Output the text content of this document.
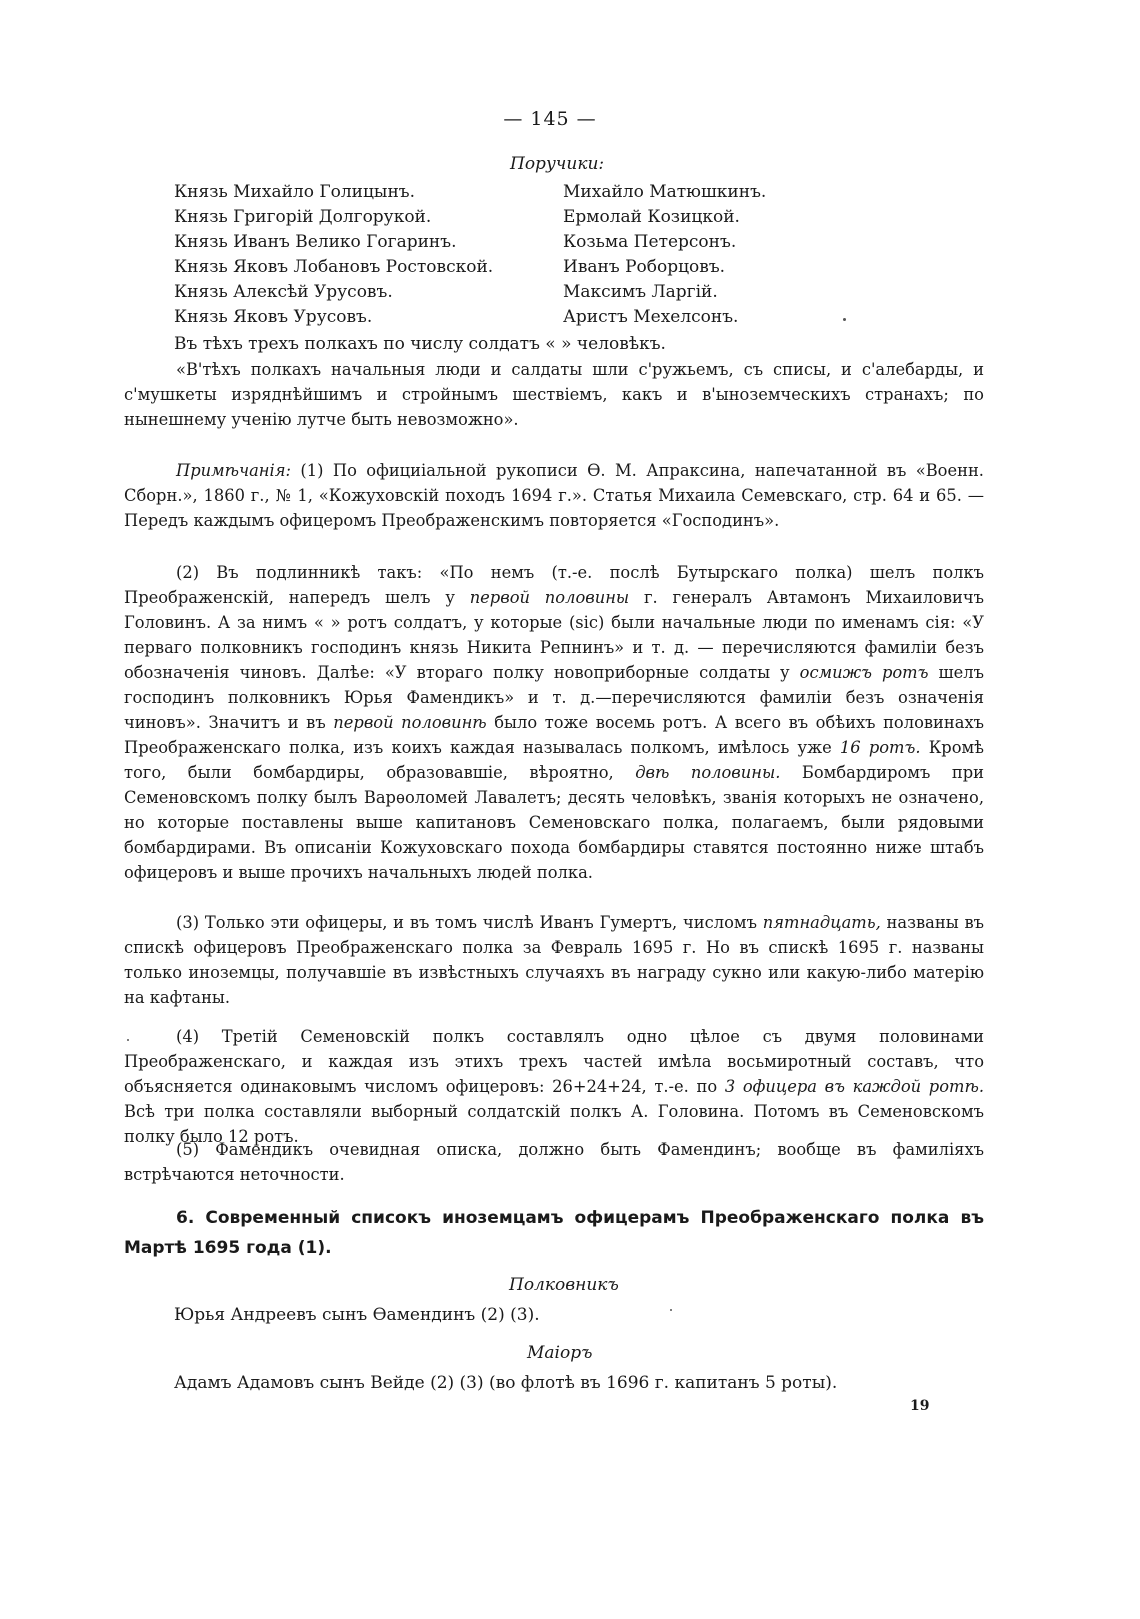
— 145 —
Поручики:
Князь Михайло Голицынъ.
Князь Григорій Долгорукой.
Князь Иванъ Велико Гогаринъ.
Князь Яковъ Лобановъ Ростовской.
Князь Алексѣй Урусовъ.
Князь Яковъ Урусовъ.
Михайло Матюшкинъ.
Ермолай Козицкой.
Козьма Петерсонъ.
Иванъ Роборцовъ.
Максимъ Ларгій.
Аристъ Мехелсонъ.
Въ тѣхъ трехъ полкахъ по числу солдатъ « » человѣкъ.
«В'тѣхъ полкахъ начальныя люди и салдаты шли с'ружьемъ, съ списы, и с'алебарды, и с'мушкеты изряднѣйшимъ и стройнымъ шествіемъ, какъ и в'ыноземческихъ странахъ; по нынешнему ученію лутче быть невозможно».
Примѣчанія: (1) По официіальной рукописи Ѳ. М. Апраксина, напечатанной въ «Военн. Сборн.», 1860 г., № 1, «Кожуховскій походъ 1694 г.». Статья Михаила Семевскаго, стр. 64 и 65. — Передъ каждымъ офицеромъ Преображенскимъ повторяется «Господинъ».
(2) Въ подлинникѣ такъ: «По немъ (т.-е. послѣ Бутырскаго полка) шелъ полкъ Преображенскій, напередъ шелъ у первой половины г. генералъ Автамонъ Михаиловичъ Головинъ. А за нимъ « » ротъ солдатъ, у которые (sic) были начальные люди по именамъ сія: «У перваго полковникъ господинъ князь Никита Репнинъ» и т. д. — перечисляются фамиліи безъ обозначенія чиновъ. Далѣе: «У втораго полку новоприборные солдаты у осмижъ ротъ шелъ господинъ полковникъ Юрья Фамендикъ» и т. д.—перечисляются фамиліи безъ означенія чиновъ». Значитъ и въ первой половинѣ было тоже восемь ротъ. А всего въ обѣихъ половинахъ Преображенскаго полка, изъ коихъ каждая называлась полкомъ, имѣлось уже 16 ротъ. Кромѣ того, были бомбардиры, образовавшіе, вѣроятно, двѣ половины. Бомбардиромъ при Семеновскомъ полку былъ Варѳоломей Лавалетъ; десять человѣкъ, званія которыхъ не означено, но которые поставлены выше капитановъ Семеновскаго полка, полагаемъ, были рядовыми бомбардирами. Въ описаніи Кожуховскаго похода бомбардиры ставятся постоянно ниже штабъ офицеровъ и выше прочихъ начальныхъ людей полка.
(3) Только эти офицеры, и въ томъ числѣ Иванъ Гумертъ, числомъ пятнадцать, названы въ спискѣ офицеровъ Преображенскаго полка за Февраль 1695 г. Но въ спискѣ 1695 г. названы только иноземцы, получавшіе въ извѣстныхъ случаяхъ въ награду сукно или какую-либо матерію на кафтаны.
(4) Третій Семеновскій полкъ составлялъ одно цѣлое съ двумя половинами Преображенскаго, и каждая изъ этихъ трехъ частей имѣла восьмиротный составъ, что объясняется одинаковымъ числомъ офицеровъ: 26+24+24, т.-е. по 3 офицера въ каждой ротѣ. Всѣ три полка составляли выборный солдатскій полкъ А. Головина. Потомъ въ Семеновскомъ полку было 12 ротъ.
(5) Фамендикъ очевидная описка, должно быть Фамендинъ; вообще въ фамиліяхъ встрѣчаются неточности.
6. Современный списокъ иноземцамъ офицерамъ Преображенскаго полка въ Мартѣ 1695 года (1).
Полковникъ
Юрья Андреевъ сынъ Ѳамендинъ (2) (3).
Маіоръ
Адамъ Адамовъ сынъ Вейде (2) (3) (во флотѣ въ 1696 г. капитанъ 5 роты).
19
